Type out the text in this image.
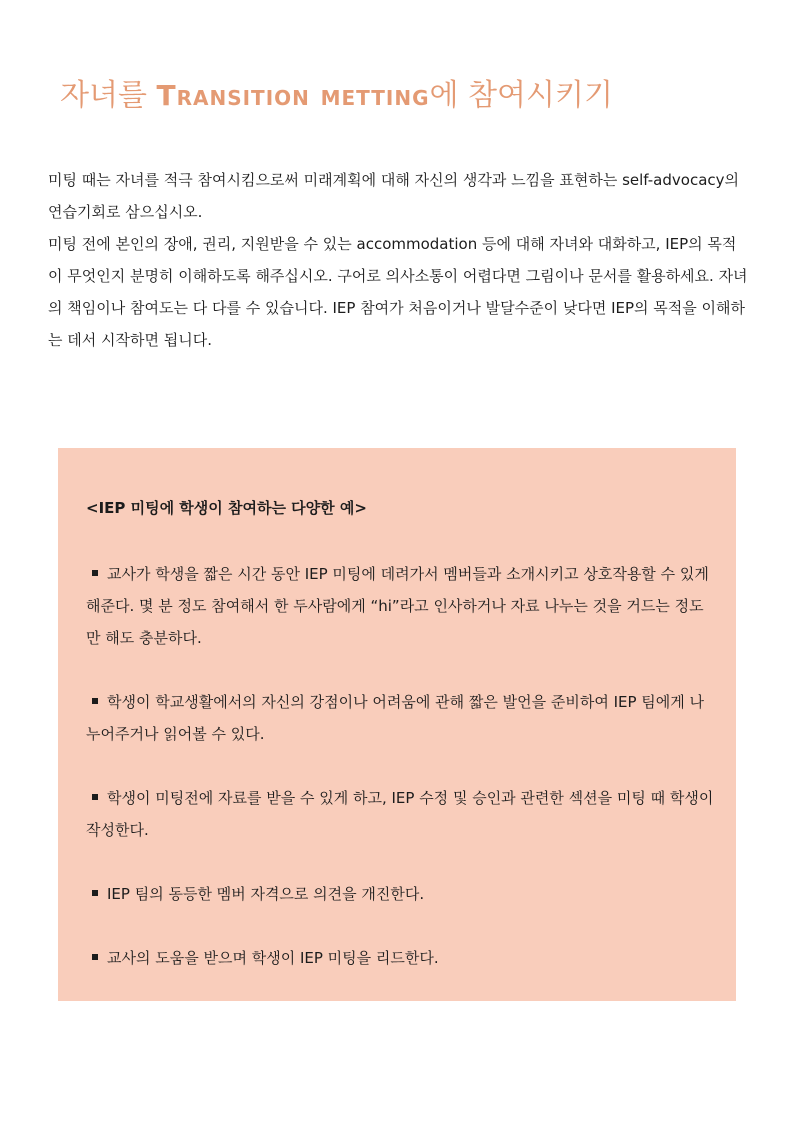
자녀를 Transition metting에 참여시키기

미팅 때는 자녀를 적극 참여시킴으로써 미래계획에 대해 자신의 생각과 느낌을 표현하는 self-advocacy의 연습기회로 삼으십시오.

미팅 전에 본인의 장애, 권리, 지원받을 수 있는 accommodation 등에 대해 자녀와 대화하고, IEP의 목적이 무엇인지 분명히 이해하도록 해주십시오. 구어로 의사소통이 어렵다면 그림이나 문서를 활용하세요. 자녀의 책임이나 참여도는 다 다를 수 있습니다. IEP 참여가 처음이거나 발달수준이 낮다면 IEP의 목적을 이해하는 데서 시작하면 됩니다.

<IEP 미팅에 학생이 참여하는 다양한 예>

교사가 학생을 짧은 시간 동안 IEP 미팅에 데려가서 멤버들과 소개시키고 상호작용할 수 있게 해준다. 몇 분 정도 참여해서 한 두사람에게 “hi”라고 인사하거나 자료 나누는 것을 거드는 정도만 해도 충분하다.

학생이 학교생활에서의 자신의 강점이나 어려움에 관해 짧은 발언을 준비하여 IEP 팀에게 나누어주거나 읽어볼 수 있다.

학생이 미팅전에 자료를 받을 수 있게 하고, IEP 수정 및 승인과 관련한 섹션을 미팅 때 학생이 작성한다.

IEP 팀의 동등한 멤버 자격으로 의견을 개진한다.

교사의 도움을 받으며 학생이 IEP 미팅을 리드한다.
